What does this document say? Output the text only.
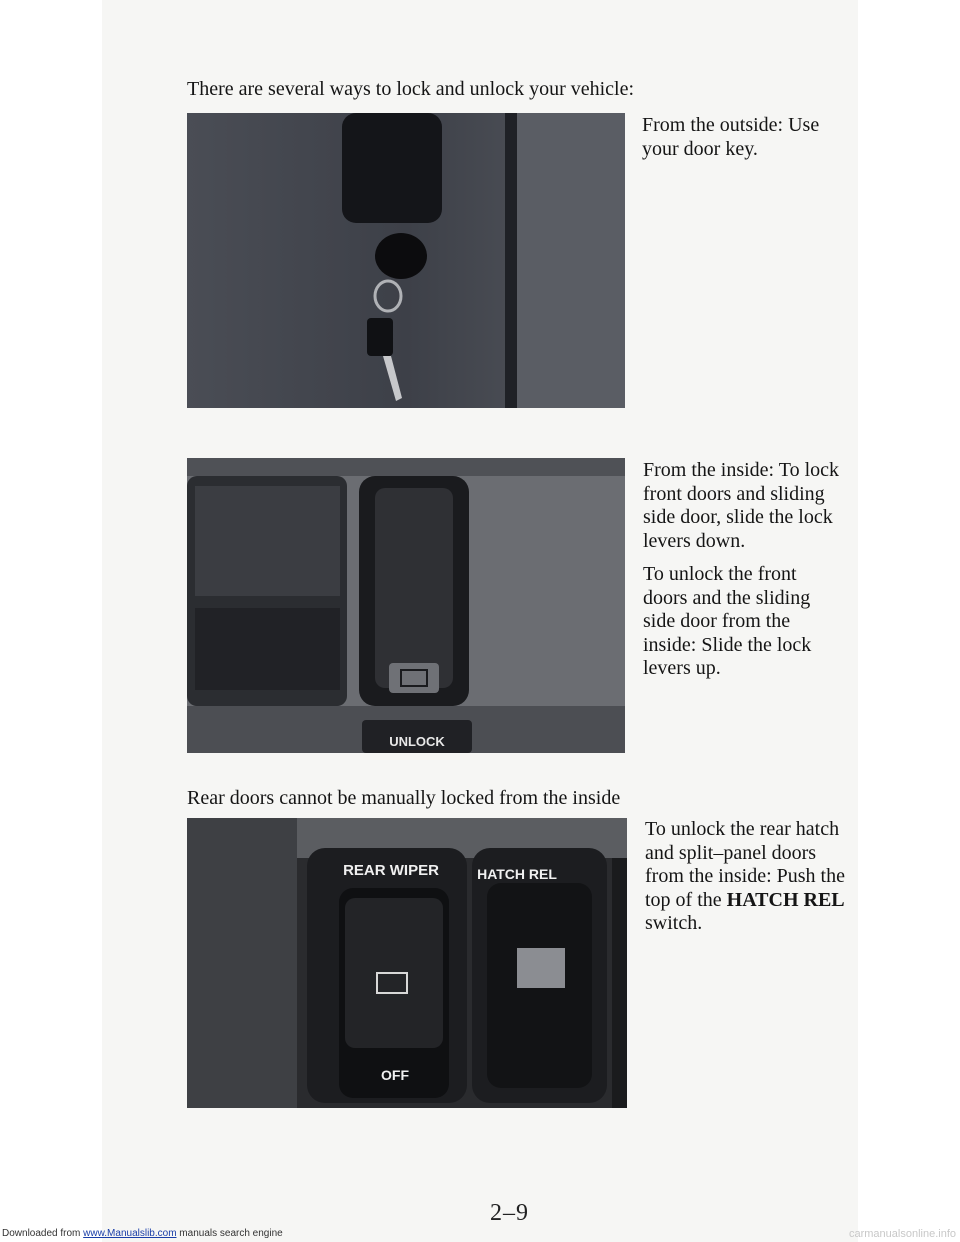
There are several ways to lock and unlock your vehicle:
From the outside: Use your door key.
UNLOCK
From the inside: To lock front doors and sliding side door, slide the lock levers down.
To unlock the front doors and the sliding side door from the inside: Slide the lock levers up.
Rear doors cannot be manually locked from the inside
REAR WIPER
OFF
HATCH REL
To unlock the rear hatch and split–panel doors from the inside: Push the top of the HATCH REL switch.
2–9
Downloaded from www.Manualslib.com manuals search engine	carmanualsonline.info
